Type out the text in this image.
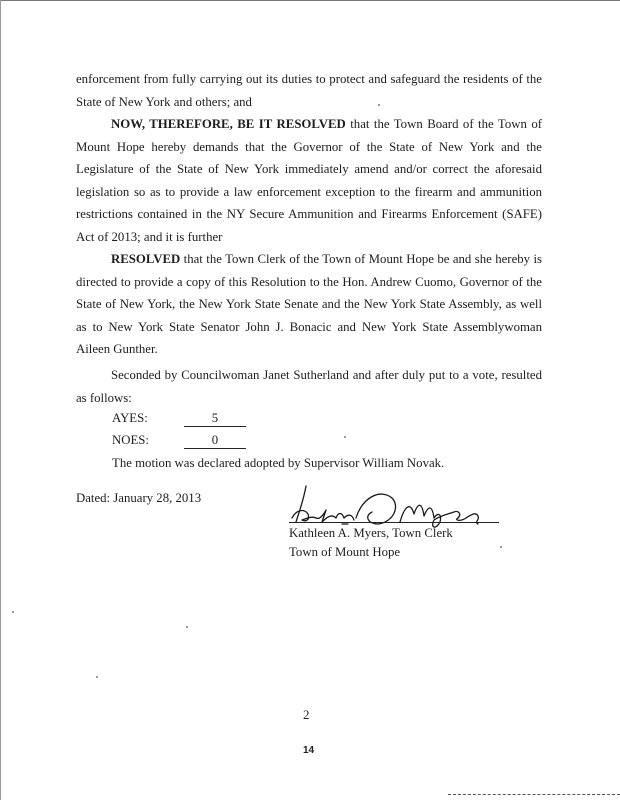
enforcement from fully carrying out its duties to protect and safeguard the residents of the State of New York and others; and

NOW, THEREFORE, BE IT RESOLVED that the Town Board of the Town of Mount Hope hereby demands that the Governor of the State of New York and the Legislature of the State of New York immediately amend and/or correct the aforesaid legislation so as to provide a law enforcement exception to the firearm and ammunition restrictions contained in the NY Secure Ammunition and Firearms Enforcement (SAFE) Act of 2013; and it is further

RESOLVED that the Town Clerk of the Town of Mount Hope be and she hereby is directed to provide a copy of this Resolution to the Hon. Andrew Cuomo, Governor of the State of New York, the New York State Senate and the New York State Assembly, as well as to New York State Senator John J. Bonacic and New York State Assemblywoman Aileen Gunther.

Seconded by Councilwoman Janet Sutherland and after duly put to a vote, resulted as follows:

AYES:	5
NOES:	0
The motion was declared adopted by Supervisor William Novak.
Dated: January 28, 2013
Kathleen A. Myers, Town Clerk
Town of Mount Hope
2
14
